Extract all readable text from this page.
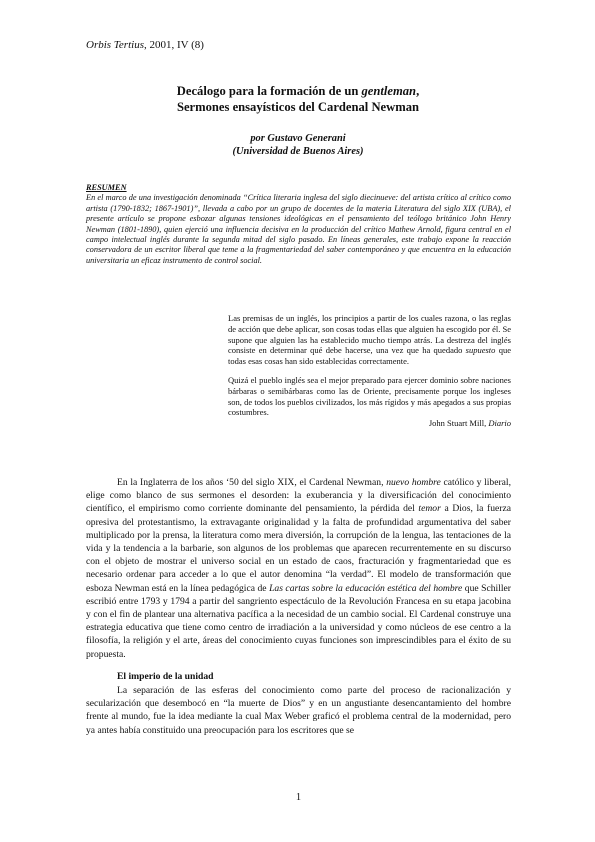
Orbis Tertius, 2001, IV (8)
Decálogo para la formación de un gentleman,
Sermones ensayísticos del Cardenal Newman
por Gustavo Generani
(Universidad de Buenos Aires)
RESUMEN
En el marco de una investigación denominada “Crítica literaria inglesa del siglo diecinueve: del artista crítico al crítico como artista (1790-1832; 1867-1901)”, llevada a cabo por un grupo de docentes de la materia Literatura del siglo XIX (UBA), el presente artículo se propone esbozar algunas tensiones ideológicas en el pensamiento del teólogo británico John Henry Newman (1801-1890), quien ejerció una influencia decisiva en la producción del crítico Mathew Arnold, figura central en el campo intelectual inglés durante la segunda mitad del siglo pasado. En líneas generales, este trabajo expone la reacción conservadora de un escritor liberal que teme a la fragmentariedad del saber contemporáneo y que encuentra en la educación universitaria un eficaz instrumento de control social.

Las premisas de un inglés, los principios a partir de los cuales razona, o las reglas de acción que debe aplicar, son cosas todas ellas que alguien ha escogido por él. Se supone que alguien las ha establecido mucho tiempo atrás. La destreza del inglés consiste en determinar qué debe hacerse, una vez que ha quedado supuesto que todas esas cosas han sido establecidas correctamente.

Quizá el pueblo inglés sea el mejor preparado para ejercer dominio sobre naciones bárbaras o semibárbaras como las de Oriente, precisamente porque los ingleses son, de todos los pueblos civilizados, los más rígidos y más apegados a sus propias costumbres.

John Stuart Mill, Diario

En la Inglaterra de los años ‘50 del siglo XIX, el Cardenal Newman, nuevo hombre católico y liberal, elige como blanco de sus sermones el desorden: la exuberancia y la diversificación del conocimiento científico, el empirismo como corriente dominante del pensamiento, la pérdida del temor a Dios, la fuerza opresiva del protestantismo, la extravagante originalidad y la falta de profundidad argumentativa del saber multiplicado por la prensa, la literatura como mera diversión, la corrupción de la lengua, las tentaciones de la vida y la tendencia a la barbarie, son algunos de los problemas que aparecen recurrentemente en su discurso con el objeto de mostrar el universo social en un estado de caos, fracturación y fragmentariedad que es necesario ordenar para acceder a lo que el autor denomina “la verdad”. El modelo de transformación que esboza Newman está en la línea pedagógica de Las cartas sobre la educación estética del hombre que Schiller escribió entre 1793 y 1794 a partir del sangriento espectáculo de la Revolución Francesa en su etapa jacobina y con el fin de plantear una alternativa pacífica a la necesidad de un cambio social. El Cardenal construye una estrategia educativa que tiene como centro de irradiación a la universidad y como núcleos de ese centro a la filosofía, la religión y el arte, áreas del conocimiento cuyas funciones son imprescindibles para el éxito de su propuesta.

El imperio de la unidad

La separación de las esferas del conocimiento como parte del proceso de racionalización y secularización que desembocó en “la muerte de Dios” y en un angustiante desencantamiento del hombre frente al mundo, fue la idea mediante la cual Max Weber graficó el problema central de la modernidad, pero ya antes había constituido una preocupación para los escritores que se

1
